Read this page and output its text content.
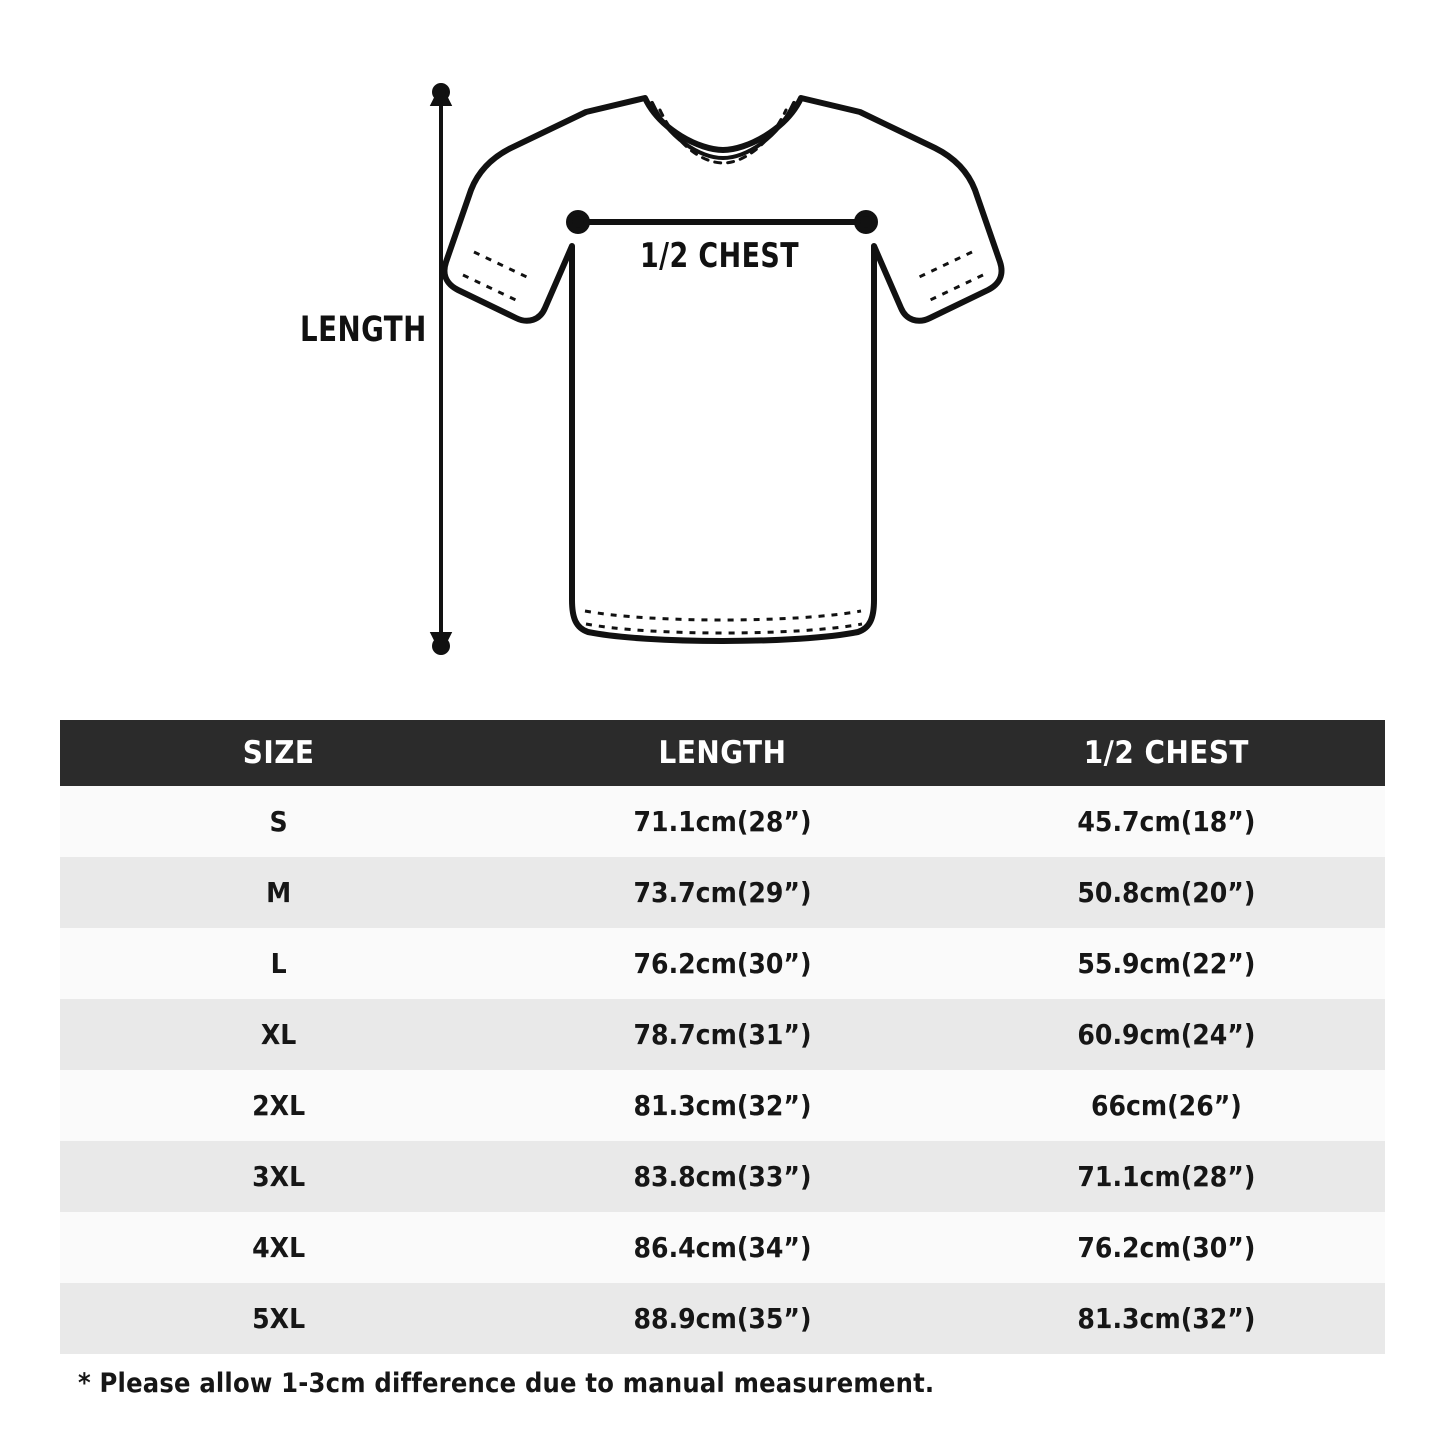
LENGTH
1/2 CHEST
SIZE	LENGTH	1/2 CHEST
S	71.1cm(28”)	45.7cm(18”)
M	73.7cm(29”)	50.8cm(20”)
L	76.2cm(30”)	55.9cm(22”)
XL	78.7cm(31”)	60.9cm(24”)
2XL	81.3cm(32”)	66cm(26”)
3XL	83.8cm(33”)	71.1cm(28”)
4XL	86.4cm(34”)	76.2cm(30”)
5XL	88.9cm(35”)	81.3cm(32”)
* Please allow 1-3cm difference due to manual measurement.
